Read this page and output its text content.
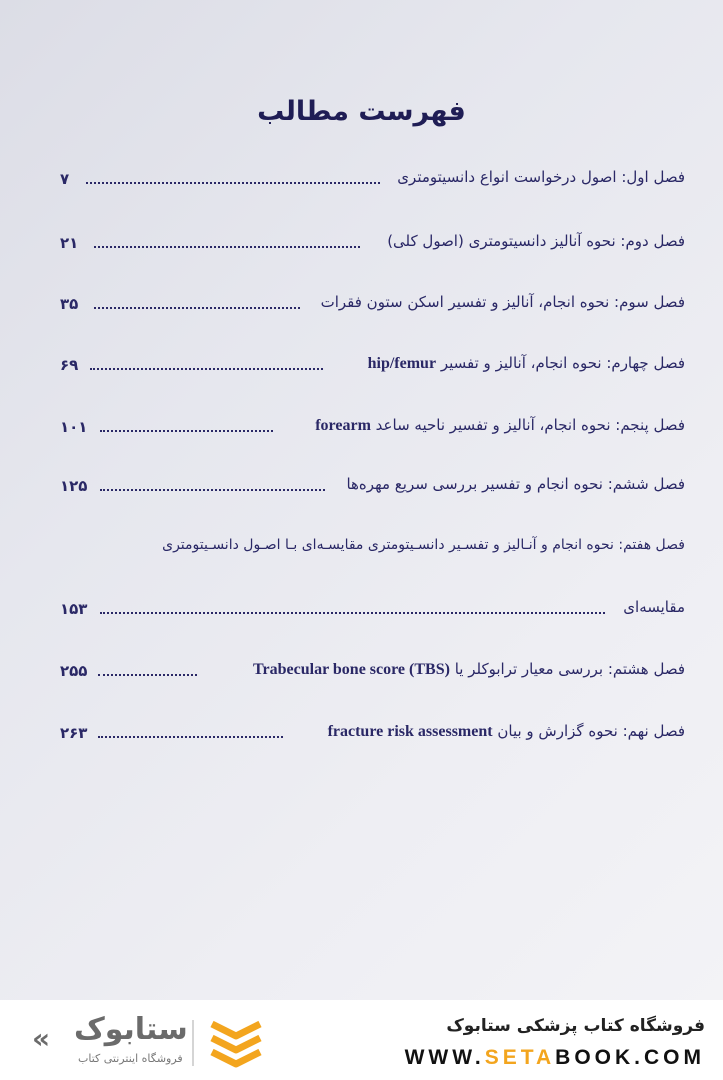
فهرست مطالب
فصل اول: اصول درخواست انواع دانسیتومتری
۷
فصل دوم: نحوه آنالیز دانسیتومتری (اصول کلی)
۲۱
فصل سوم: نحوه انجام، آنالیز و تفسیر اسکن ستون فقرات
۳۵
فصل چهارم: نحوه انجام، آنالیز و تفسیر hip/femur
۶۹
فصل پنجم: نحوه انجام، آنالیز و تفسیر ناحیه ساعد forearm
۱۰۱
فصل ششم: نحوه انجام و تفسیر بررسی سریع مهره‌ها
۱۲۵
فصل هفتم: نحوه انجام و آنـالیز و تفسـیر دانسـیتومتری مقایسـه‌ای بـا اصـول دانسـیتومتری
مقایسه‌ای
۱۵۳
فصل هشتم: بررسی معیار ترابوکلر یا Trabecular bone score (TBS)
۲۵۵
فصل نهم: نحوه گزارش و بیان fracture risk assessment
۲۶۳
« ستابوک
فروشگاه اینترنتی کتاب
فروشگاه کتاب پزشکی ستابوک
WWW.SETABOOK.COM
